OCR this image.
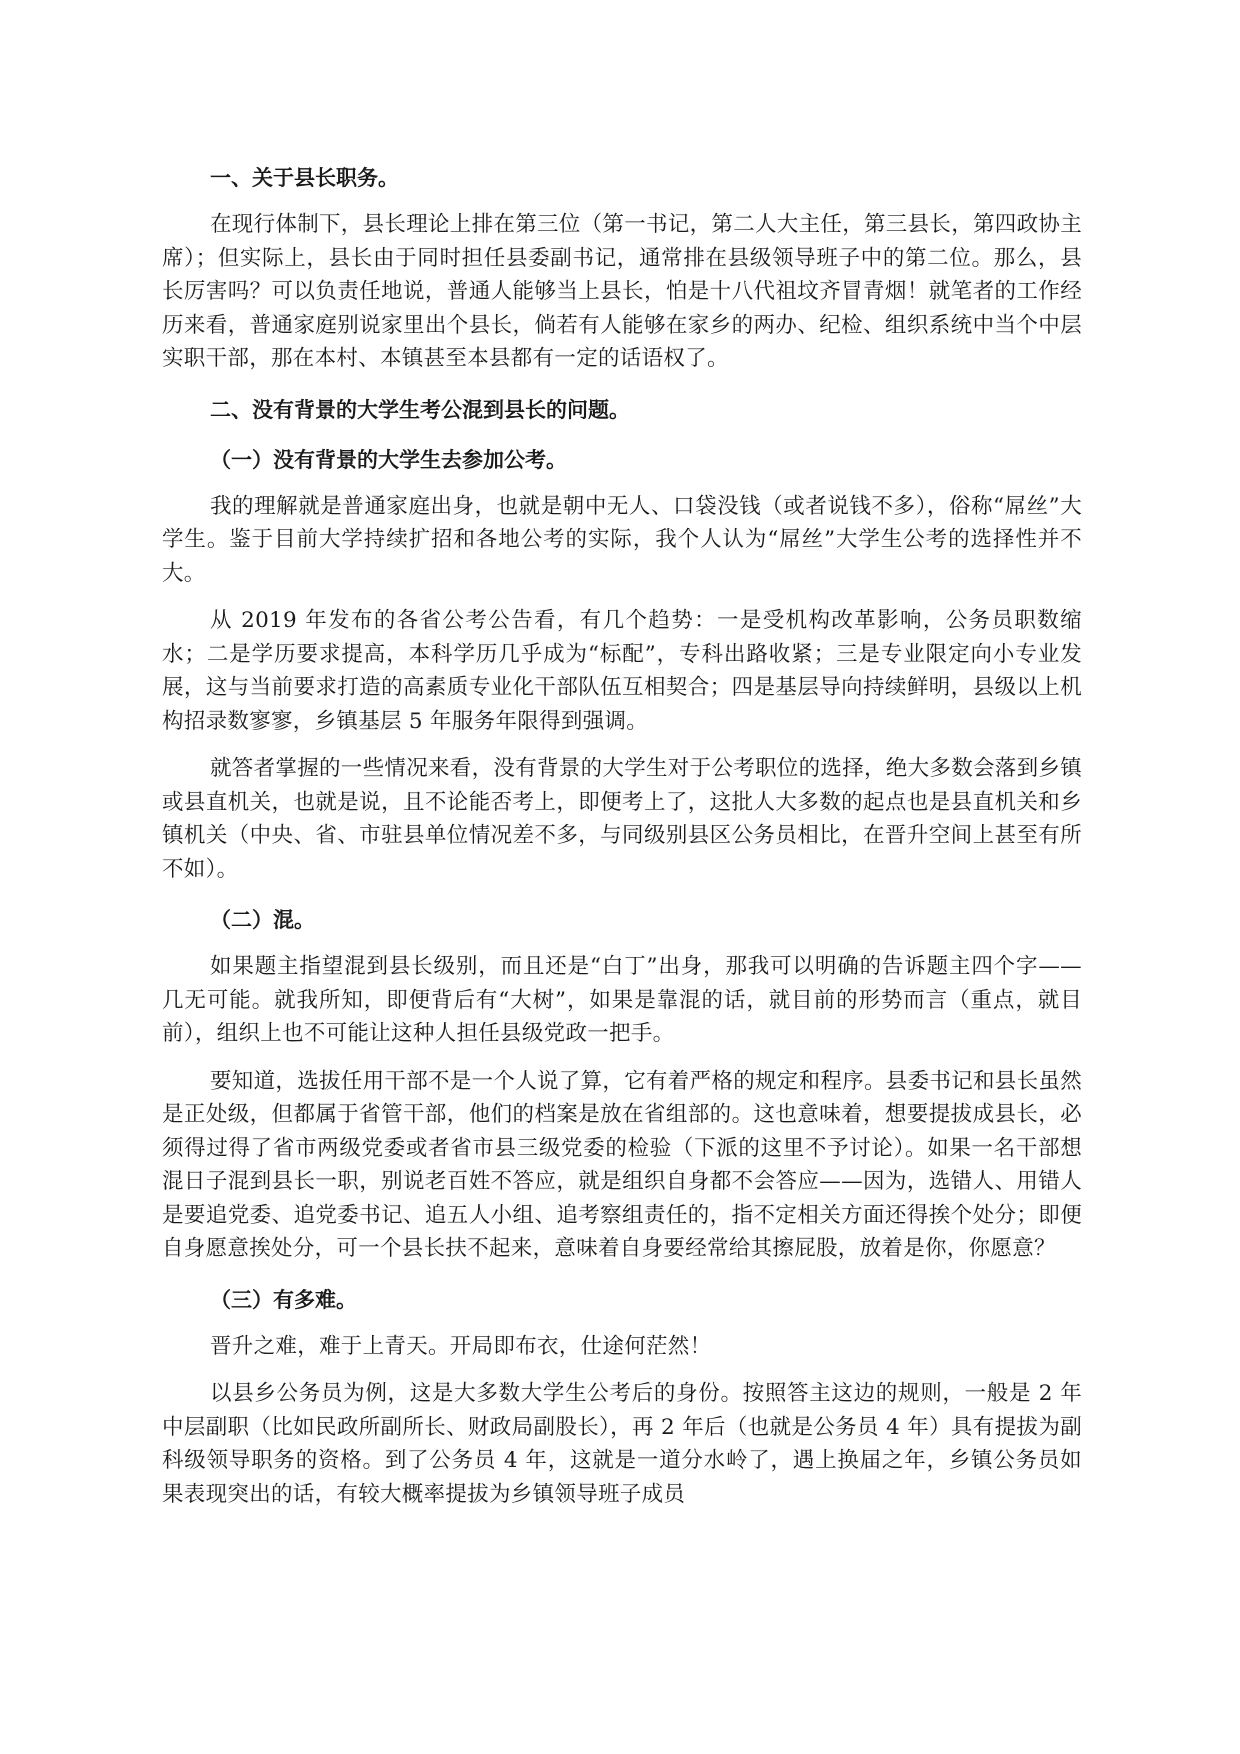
一、关于县长职务。

在现行体制下，县长理论上排在第三位（第一书记，第二人大主任，第三县长，第四政协主席）；但实际上，县长由于同时担任县委副书记，通常排在县级领导班子中的第二位。那么，县长厉害吗？可以负责任地说，普通人能够当上县长，怕是十八代祖坟齐冒青烟！就笔者的工作经历来看，普通家庭别说家里出个县长，倘若有人能够在家乡的两办、纪检、组织系统中当个中层实职干部，那在本村、本镇甚至本县都有一定的话语权了。

二、没有背景的大学生考公混到县长的问题。
（一）没有背景的大学生去参加公考。

我的理解就是普通家庭出身，也就是朝中无人、口袋没钱（或者说钱不多），俗称“屌丝”大学生。鉴于目前大学持续扩招和各地公考的实际，我个人认为“屌丝”大学生公考的选择性并不大。

从 2019 年发布的各省公考公告看，有几个趋势：一是受机构改革影响，公务员职数缩水；二是学历要求提高，本科学历几乎成为“标配”，专科出路收紧；三是专业限定向小专业发展，这与当前要求打造的高素质专业化干部队伍互相契合；四是基层导向持续鲜明，县级以上机构招录数寥寥，乡镇基层 5 年服务年限得到强调。

就答者掌握的一些情况来看，没有背景的大学生对于公考职位的选择，绝大多数会落到乡镇或县直机关，也就是说，且不论能否考上，即便考上了，这批人大多数的起点也是县直机关和乡镇机关（中央、省、市驻县单位情况差不多，与同级别县区公务员相比，在晋升空间上甚至有所不如）。

（二）混。

如果题主指望混到县长级别，而且还是“白丁”出身，那我可以明确的告诉题主四个字——几无可能。就我所知，即便背后有“大树”，如果是靠混的话，就目前的形势而言（重点，就目前），组织上也不可能让这种人担任县级党政一把手。

要知道，选拔任用干部不是一个人说了算，它有着严格的规定和程序。县委书记和县长虽然是正处级，但都属于省管干部，他们的档案是放在省组部的。这也意味着，想要提拔成县长，必须得过得了省市两级党委或者省市县三级党委的检验（下派的这里不予讨论）。如果一名干部想混日子混到县长一职，别说老百姓不答应，就是组织自身都不会答应——因为，选错人、用错人是要追党委、追党委书记、追五人小组、追考察组责任的，指不定相关方面还得挨个处分；即便自身愿意挨处分，可一个县长扶不起来，意味着自身要经常给其擦屁股，放着是你，你愿意？

（三）有多难。

晋升之难，难于上青天。开局即布衣，仕途何茫然！

以县乡公务员为例，这是大多数大学生公考后的身份。按照答主这边的规则，一般是 2 年中层副职（比如民政所副所长、财政局副股长），再 2 年后（也就是公务员 4 年）具有提拔为副科级领导职务的资格。到了公务员 4 年，这就是一道分水岭了，遇上换届之年，乡镇公务员如果表现突出的话，有较大概率提拔为乡镇领导班子成员
